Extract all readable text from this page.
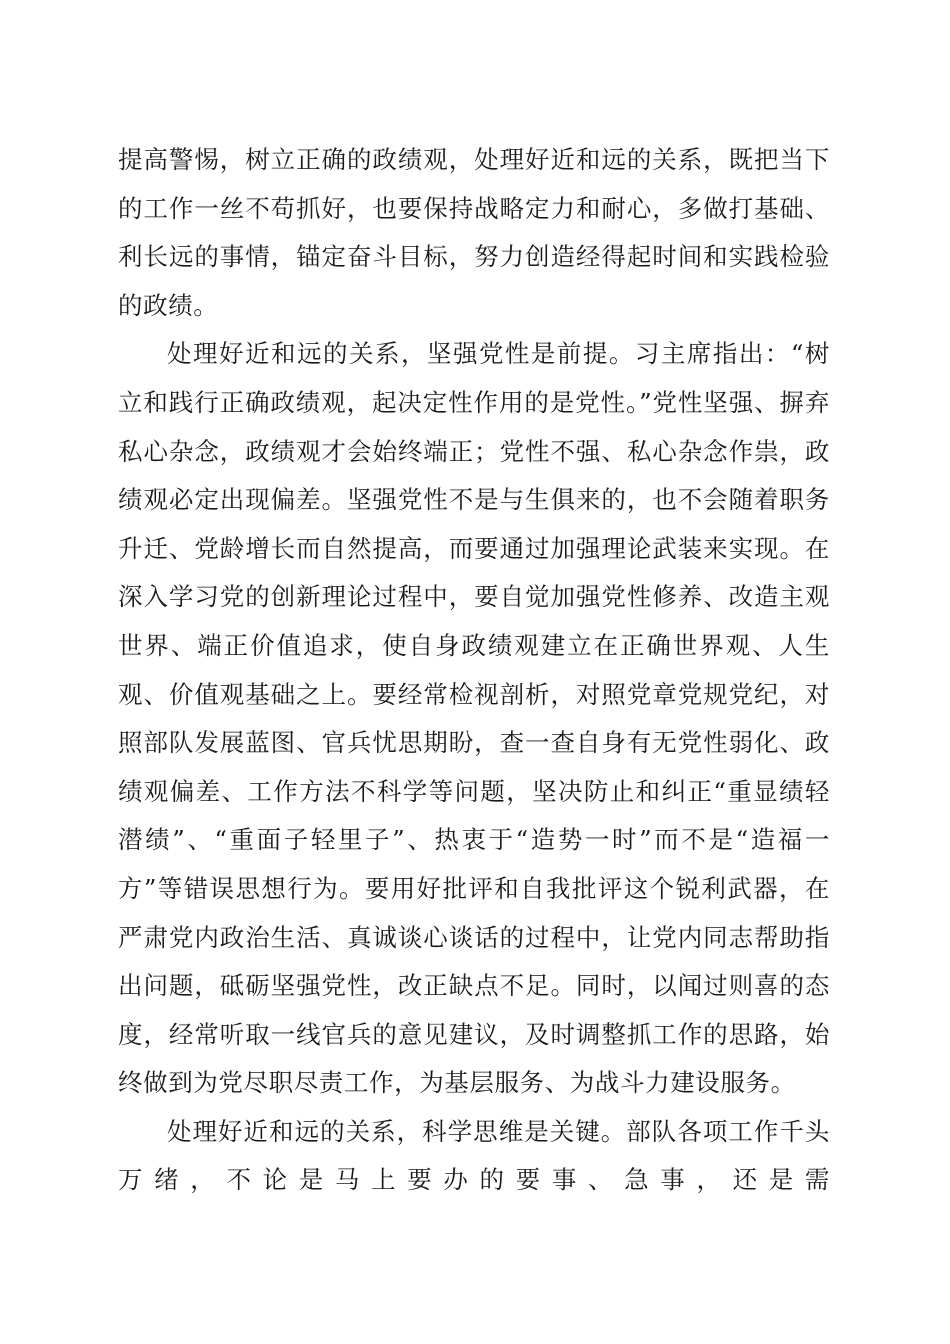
提高警惕，树立正确的政绩观，处理好近和远的关系，既把当下的工作一丝不苟抓好，也要保持战略定力和耐心，多做打基础、利长远的事情，锚定奋斗目标，努力创造经得起时间和实践检验的政绩。

处理好近和远的关系，坚强党性是前提。习主席指出：“树立和践行正确政绩观，起决定性作用的是党性。”党性坚强、摒弃私心杂念，政绩观才会始终端正；党性不强、私心杂念作祟，政绩观必定出现偏差。坚强党性不是与生俱来的，也不会随着职务升迁、党龄增长而自然提高，而要通过加强理论武装来实现。在深入学习党的创新理论过程中，要自觉加强党性修养、改造主观世界、端正价值追求，使自身政绩观建立在正确世界观、人生观、价值观基础之上。要经常检视剖析，对照党章党规党纪，对照部队发展蓝图、官兵忧思期盼，查一查自身有无党性弱化、政绩观偏差、工作方法不科学等问题，坚决防止和纠正“重显绩轻潜绩”、“重面子轻里子”、热衷于“造势一时”而不是“造福一方”等错误思想行为。要用好批评和自我批评这个锐利武器，在严肃党内政治生活、真诚谈心谈话的过程中，让党内同志帮助指出问题，砥砺坚强党性，改正缺点不足。同时，以闻过则喜的态度，经常听取一线官兵的意见建议，及时调整抓工作的思路，始终做到为党尽职尽责工作，为基层服务、为战斗力建设服务。

处理好近和远的关系，科学思维是关键。部队各项工作千头万绪，不论是马上要办的要事、急事，还是需
